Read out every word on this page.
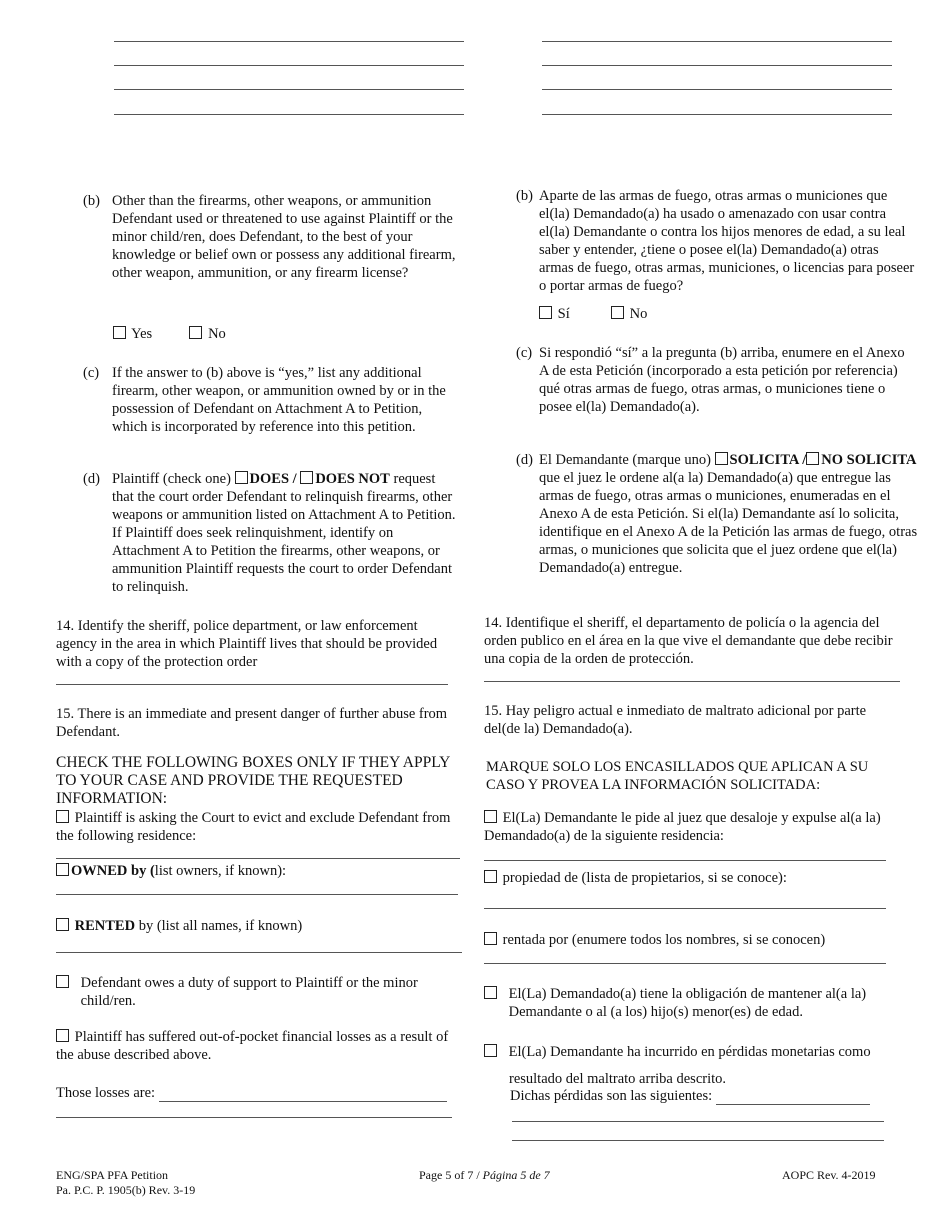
(b) Other than the firearms, other weapons, or ammunition Defendant used or threatened to use against Plaintiff or the minor child/ren, does Defendant, to the best of your knowledge or belief own or possess any additional firearm, other weapon, ammunition, or any firearm license?
Yes	No
(c) If the answer to (b) above is “yes,” list any additional firearm, other weapon, or ammunition owned by or in the possession of Defendant on Attachment A to Petition, which is incorporated by reference into this petition.
(d) Plaintiff (check one) DOES / DOES NOT request that the court order Defendant to relinquish firearms, other weapons or ammunition listed on Attachment A to Petition. If Plaintiff does seek relinquishment, identify on Attachment A to Petition the firearms, other weapons, or ammunition Plaintiff requests the court to order Defendant to relinquish.
14. Identify the sheriff, police department, or law enforcement agency in the area in which Plaintiff lives that should be provided with a copy of the protection order
15. There is an immediate and present danger of further abuse from Defendant.
CHECK THE FOLLOWING BOXES ONLY IF THEY APPLY TO YOUR CASE AND PROVIDE THE REQUESTED INFORMATION:
Plaintiff is asking the Court to evict and exclude Defendant from the following residence:
OWNED by (list owners, if known):
RENTED by (list all names, if known)
Defendant owes a duty of support to Plaintiff or the minor child/ren.
Plaintiff has suffered out-of-pocket financial losses as a result of the abuse described above.
Those losses are:
(b) Aparte de las armas de fuego, otras armas o municiones que el(la) Demandado(a) ha usado o amenazado con usar contra el(la) Demandante o contra los hijos menores de edad, a su leal saber y entender, ¿tiene o posee el(la) Demandado(a) otras armas de fuego, otras armas, municiones, o licencias para poseer o portar armas de fuego?
Sí	No
(c) Si respondió “sí” a la pregunta (b) arriba, enumere en el Anexo A de esta Petición (incorporado a esta petición por referencia) qué otras armas de fuego, otras armas, o municiones tiene o posee el(la) Demandado(a).
(d) El Demandante (marque uno) SOLICITA / NO SOLICITA que el juez le ordene al(a la) Demandado(a) que entregue las armas de fuego, otras armas o municiones, enumeradas en el Anexo A de esta Petición. Si el(la) Demandante así lo solicita, identifique en el Anexo A de la Petición las armas de fuego, otras armas, o municiones que solicita que el juez ordene que el(la) Demandado(a) entregue.
14. Identifique el sheriff, el departamento de policía o la agencia del orden publico en el área en la que vive el demandante que debe recibir una copia de la orden de protección.
15. Hay peligro actual e inmediato de maltrato adicional por parte del(de la) Demandado(a).
MARQUE SOLO LOS ENCASILLADOS QUE APLICAN A SU CASO Y PROVEA LA INFORMACIÓN SOLICITADA:
El(La) Demandante le pide al juez que desaloje y expulse al(a la) Demandado(a) de la siguiente residencia:
propiedad de (lista de propietarios, si se conoce):
rentada por (enumere todos los nombres, si se conocen)
El(La) Demandado(a) tiene la obligación de mantener al(a la) Demandante o al (a los) hijo(s) menor(es) de edad.
El(La) Demandante ha incurrido en pérdidas monetarias como
resultado del maltrato arriba descrito.
Dichas pérdidas son las siguientes:
ENG/SPA PFA Petition
Pa. P.C. P. 1905(b) Rev. 3-19
Page 5 of 7 / Página 5 de 7	AOPC Rev. 4-2019
